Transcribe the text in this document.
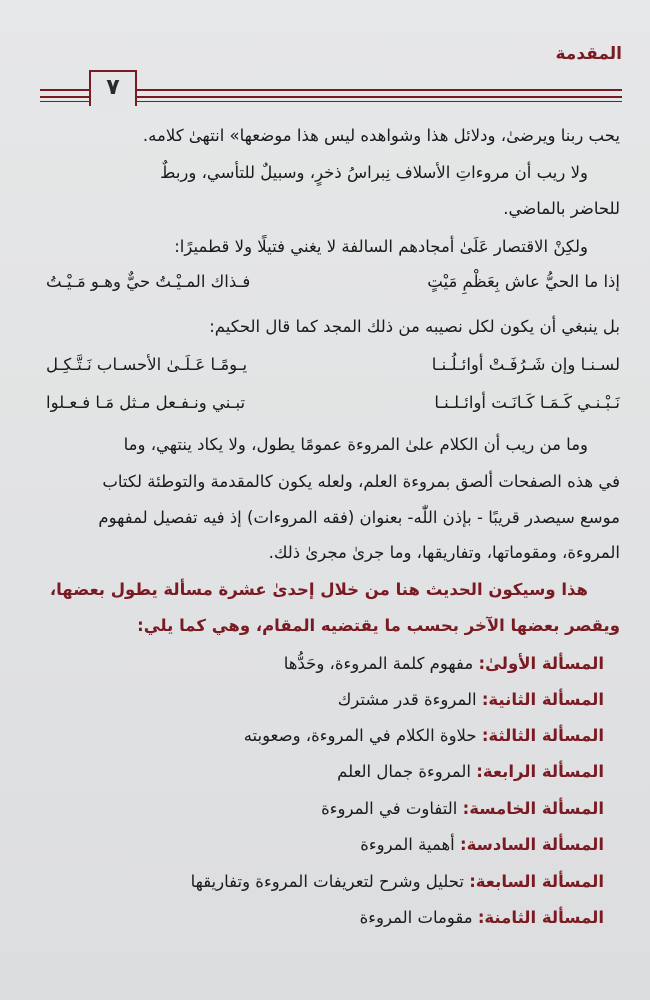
المقدمة
٧
يحب ربنا ويرضىٰ، ودلائل هذا وشواهده ليس هذا موضعها» انتهىٰ كلامه.
ولا ريب أن مروءاتِ الأسلاف نِبراسُ ذخرٍ، وسبيلٌ للتأسي، وربطٌ
للحاضر بالماضي.
ولكِنْ الاقتصار عَلَىٰ أمجادهم السالفة لا يغني فتيلًا ولا قطميرًا:
إذا ما الحيُّ عاش بِعَظْمِ مَيْتٍ
فـذاك المـيْـتُ حيٌّ وهـو مَـيْـتُ
بل ينبغي أن يكون لكل نصيبه من ذلك المجد كما قال الحكيم:
لسـنـا وإن شَـرُفَـتْ أوائـلُـنـا
يـومًـا عَـلَـىٰ الأحسـاب نَـتَّـكِـل
نَـبْـنـي كَـمَـا كَـانَـت أوائـلـنـا
تبـني ونـفـعل مـثل مَـا فـعـلوا
وما من ريب أن الكلام علىٰ المروءة عمومًا يطول، ولا يكاد ينتهي، وما
في هذه الصفحات ألصق بمروءة العلم، ولعله يكون كالمقدمة والتوطئة لكتاب
موسع سيصدر قريبًا - بإذن اللّٰه- بعنوان (فقه المروءات) إذ فيه تفصيل لمفهوم
المروءة، ومقوماتها، وتفاريقها، وما جرىٰ مجرىٰ ذلك.
هذا وسيكون الحديث هنا من خلال إحدىٰ عشرة مسألة يطول بعضها،
ويقصر بعضها الآخر بحسب ما يقتضيه المقام، وهي كما يلي:
المسألة الأولىٰ: مفهوم كلمة المروءة، وحَدُّها
المسألة الثانية: المروءة قدر مشترك
المسألة الثالثة: حلاوة الكلام في المروءة، وصعوبته
المسألة الرابعة: المروءة جمال العلم
المسألة الخامسة: التفاوت في المروءة
المسألة السادسة: أهمية المروءة
المسألة السابعة: تحليل وشرح لتعريفات المروءة وتفاريقها
المسألة الثامنة: مقومات المروءة
